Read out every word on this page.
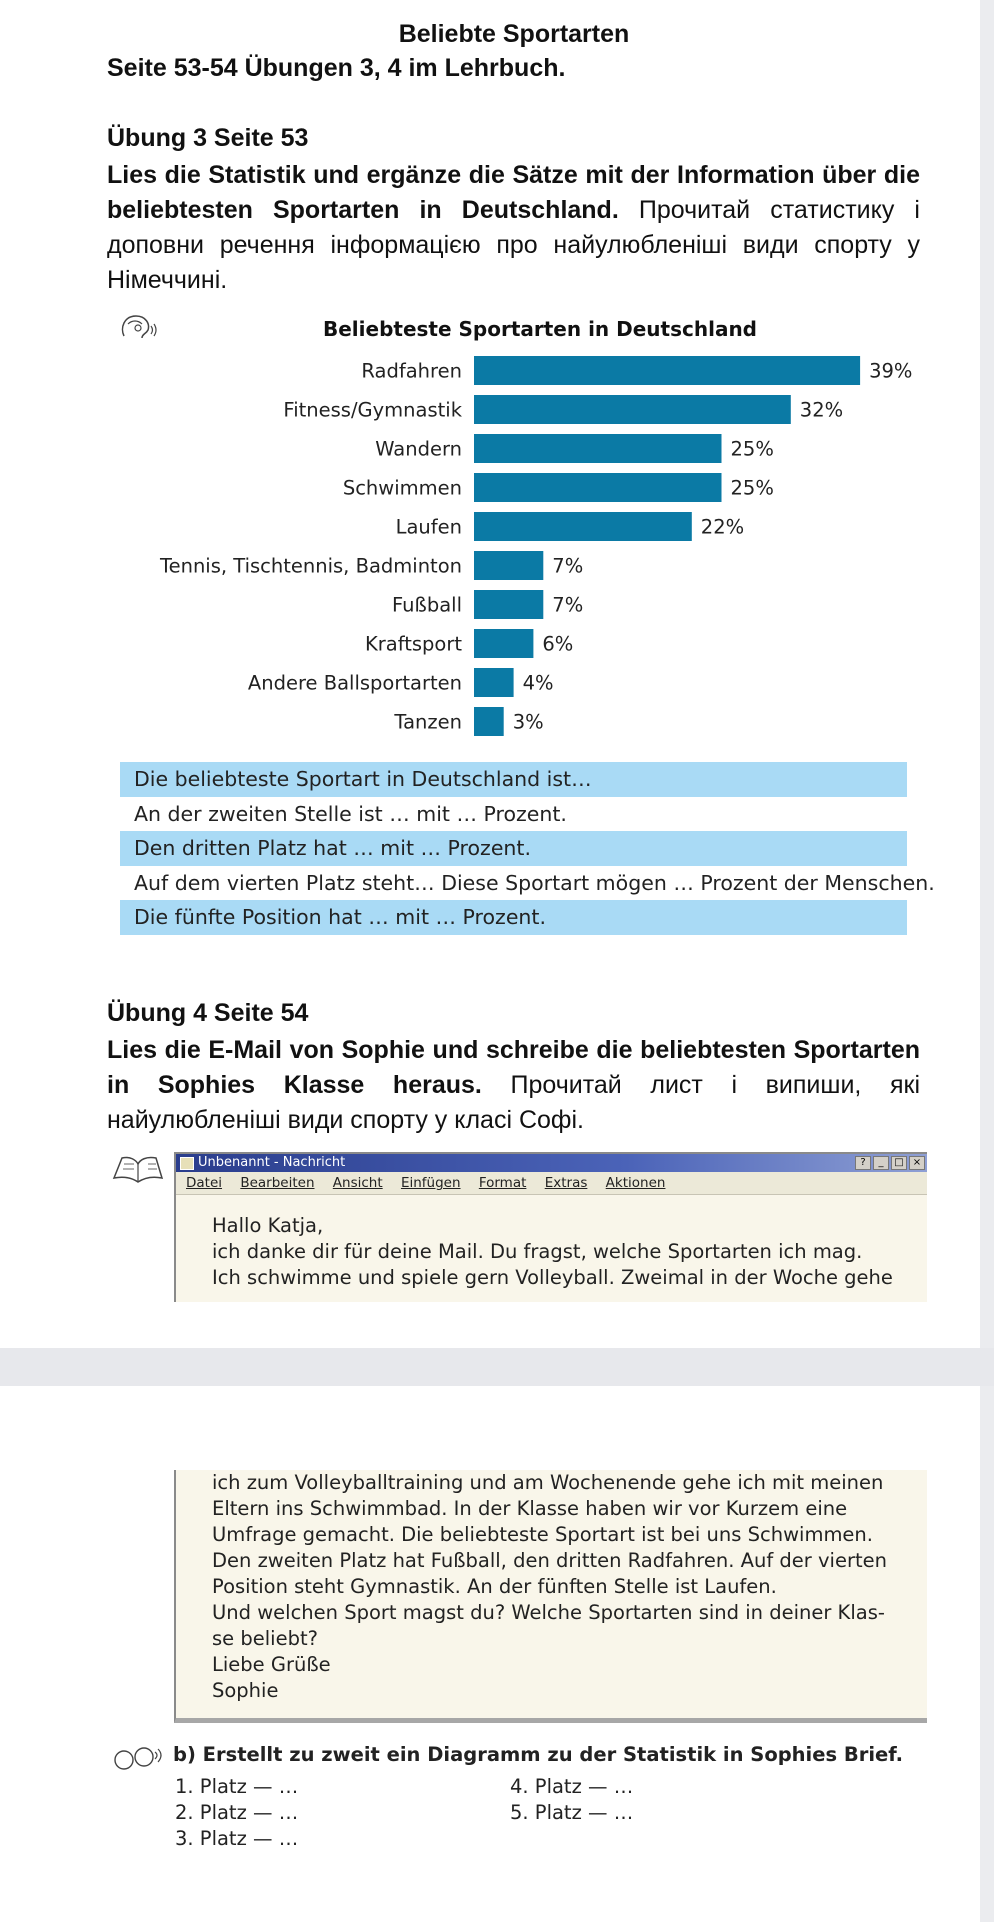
Beliebte Sportarten
Seite 53-54 Übungen 3, 4 im Lehrbuch.
Übung 3 Seite 53
Lies die Statistik und ergänze die Sätze mit der Information über die beliebtesten Sportarten in Deutschland. Прочитай статистику і доповни речення інформацією про найулюбленіші види спорту у Німеччині.
Beliebteste Sportarten in Deutschland
Radfahren	39%
Fitness/Gymnastik	32%
Wandern	25%
Schwimmen	25%
Laufen	22%
Tennis, Tischtennis, Badminton	7%
Fußball	7%
Kraftsport	6%
Andere Ballsportarten	4%
Tanzen	3%
Die beliebteste Sportart in Deutschland ist…
An der zweiten Stelle ist … mit … Prozent.
Den dritten Platz hat … mit … Prozent.
Auf dem vierten Platz steht… Diese Sportart mögen … Prozent der Menschen.
Die fünfte Position hat … mit … Prozent.
Übung 4 Seite 54
Lies die E-Mail von Sophie und schreibe die beliebtesten Sportarten in Sophies Klasse heraus. Прочитай лист і випиши, які найулюбленіші види спорту у класі Софі.
Unbenannt - Nachricht	?	_	□ ×
Datei Bearbeiten Ansicht Einfügen Format Extras Aktionen
Hallo Katja,
ich danke dir für deine Mail. Du fragst, welche Sportarten ich mag.
Ich schwimme und spiele gern Volleyball. Zweimal in der Woche gehe
ich zum Volleyballtraining und am Wochenende gehe ich mit meinen
Eltern ins Schwimmbad. In der Klasse haben wir vor Kurzem eine
Umfrage gemacht. Die beliebteste Sportart ist bei uns Schwimmen.
Den zweiten Platz hat Fußball, den dritten Radfahren. Auf der vierten
Position steht Gymnastik. An der fünften Stelle ist Laufen.
Und welchen Sport magst du? Welche Sportarten sind in deiner Klas-
se beliebt?
Liebe Grüße
Sophie
b) Erstellt zu zweit ein Diagramm zu der Statistik in Sophies Brief.
1. Platz — …
2. Platz — …
3. Platz — …
4. Platz — …
5. Platz — …
